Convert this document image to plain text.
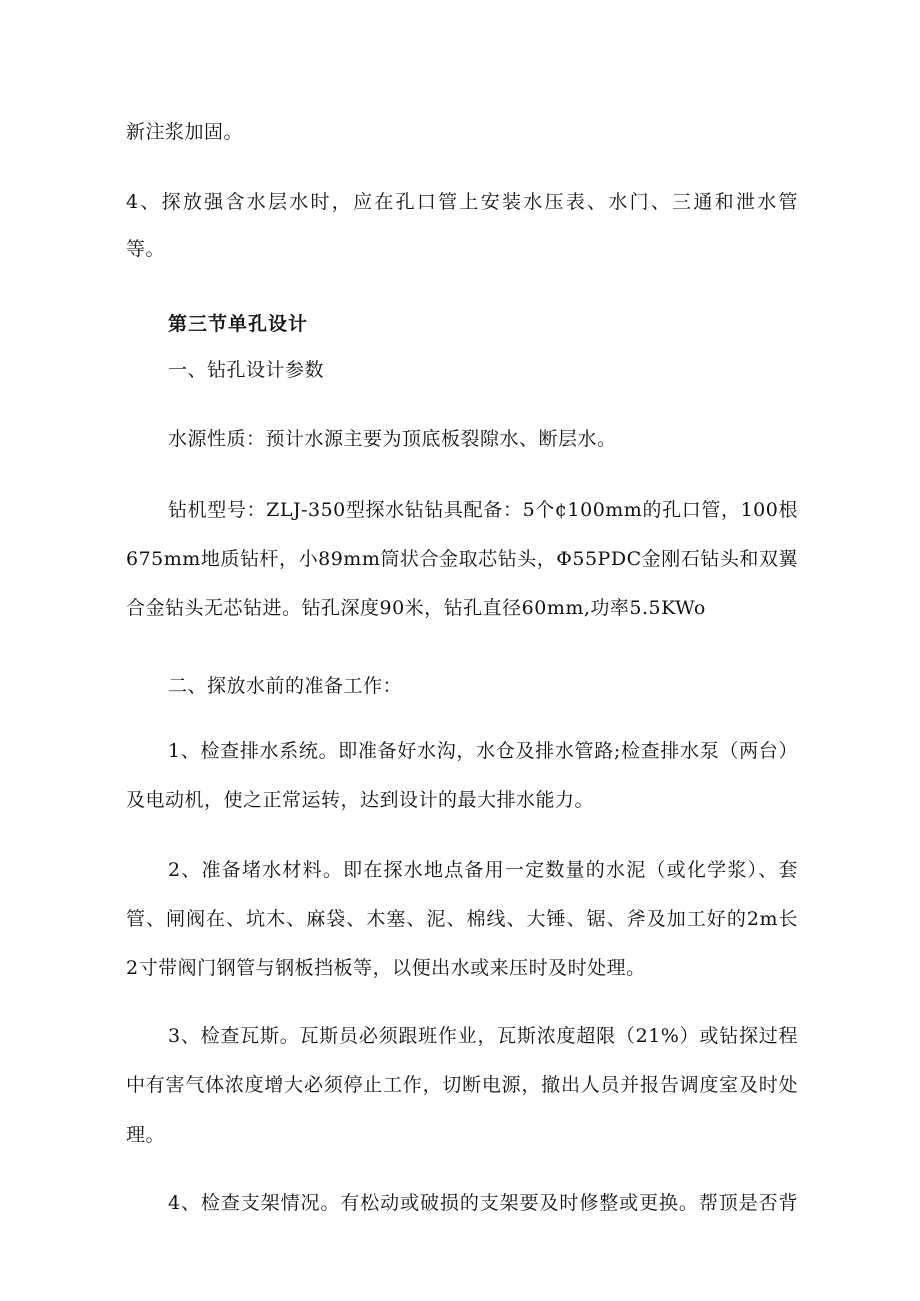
新注浆加固。
4、探放强含水层水时，应在孔口管上安装水压表、水门、三通和泄水管
等。
第三节单孔设计
一、钻孔设计参数
水源性质：预计水源主要为顶底板裂隙水、断层水。
钻机型号：ZLJ-350型探水钻钻具配备：5个¢100mm的孔口管，100根
675mm地质钻杆，小89mm筒状合金取芯钻头，Φ55PDC金刚石钻头和双翼
合金钻头无芯钻进。钻孔深度90米，钻孔直径60mm,功率5.5KWo
二、探放水前的准备工作：
1、检查排水系统。即准备好水沟，水仓及排水管路;检查排水泵（两台）
及电动机，使之正常运转，达到设计的最大排水能力。
2、准备堵水材料。即在探水地点备用一定数量的水泥（或化学浆）、套
管、闸阀在、坑木、麻袋、木塞、泥、棉线、大锤、锯、斧及加工好的2m长
2寸带阀门钢管与钢板挡板等，以便出水或来压时及时处理。
3、检查瓦斯。瓦斯员必须跟班作业，瓦斯浓度超限（21%）或钻探过程
中有害气体浓度增大必须停止工作，切断电源，撤出人员并报告调度室及时处
理。
4、检查支架情况。有松动或破损的支架要及时修整或更换。帮顶是否背
